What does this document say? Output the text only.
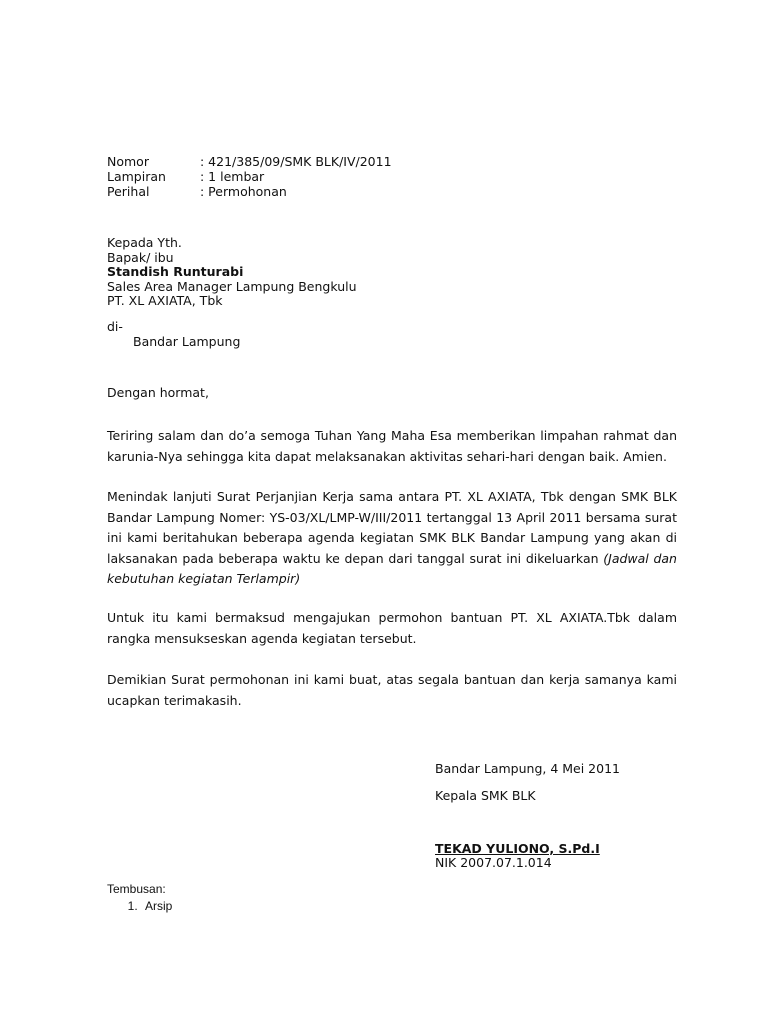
Nomor	: 421/385/09/SMK BLK/IV/2011
Lampiran	: 1 lembar
Perihal	: Permohonan
Kepada Yth.
Bapak/ ibu
Standish Runturabi
Sales Area Manager Lampung Bengkulu
PT. XL AXIATA, Tbk
di-
Bandar Lampung
Dengan hormat,
Teriring salam dan do’a semoga Tuhan Yang Maha Esa memberikan limpahan rahmat dan karunia-Nya sehingga kita dapat melaksanakan aktivitas sehari-hari dengan baik. Amien.
Menindak lanjuti Surat Perjanjian Kerja sama antara PT. XL AXIATA, Tbk dengan SMK BLK Bandar Lampung Nomer: YS-03/XL/LMP-W/III/2011 tertanggal 13 April 2011 bersama surat ini kami beritahukan beberapa agenda kegiatan SMK BLK Bandar Lampung yang akan di laksanakan pada beberapa waktu ke depan dari tanggal surat ini dikeluarkan (Jadwal dan kebutuhan kegiatan Terlampir)
Untuk itu kami bermaksud mengajukan permohon bantuan PT. XL AXIATA.Tbk dalam rangka mensukseskan agenda kegiatan tersebut.
Demikian Surat permohonan ini kami buat, atas segala bantuan dan kerja samanya kami ucapkan terimakasih.
Bandar Lampung, 4 Mei 2011
Kepala SMK BLK
TEKAD YULIONO, S.Pd.I
NIK 2007.07.1.014
Tembusan:
1. Arsip
